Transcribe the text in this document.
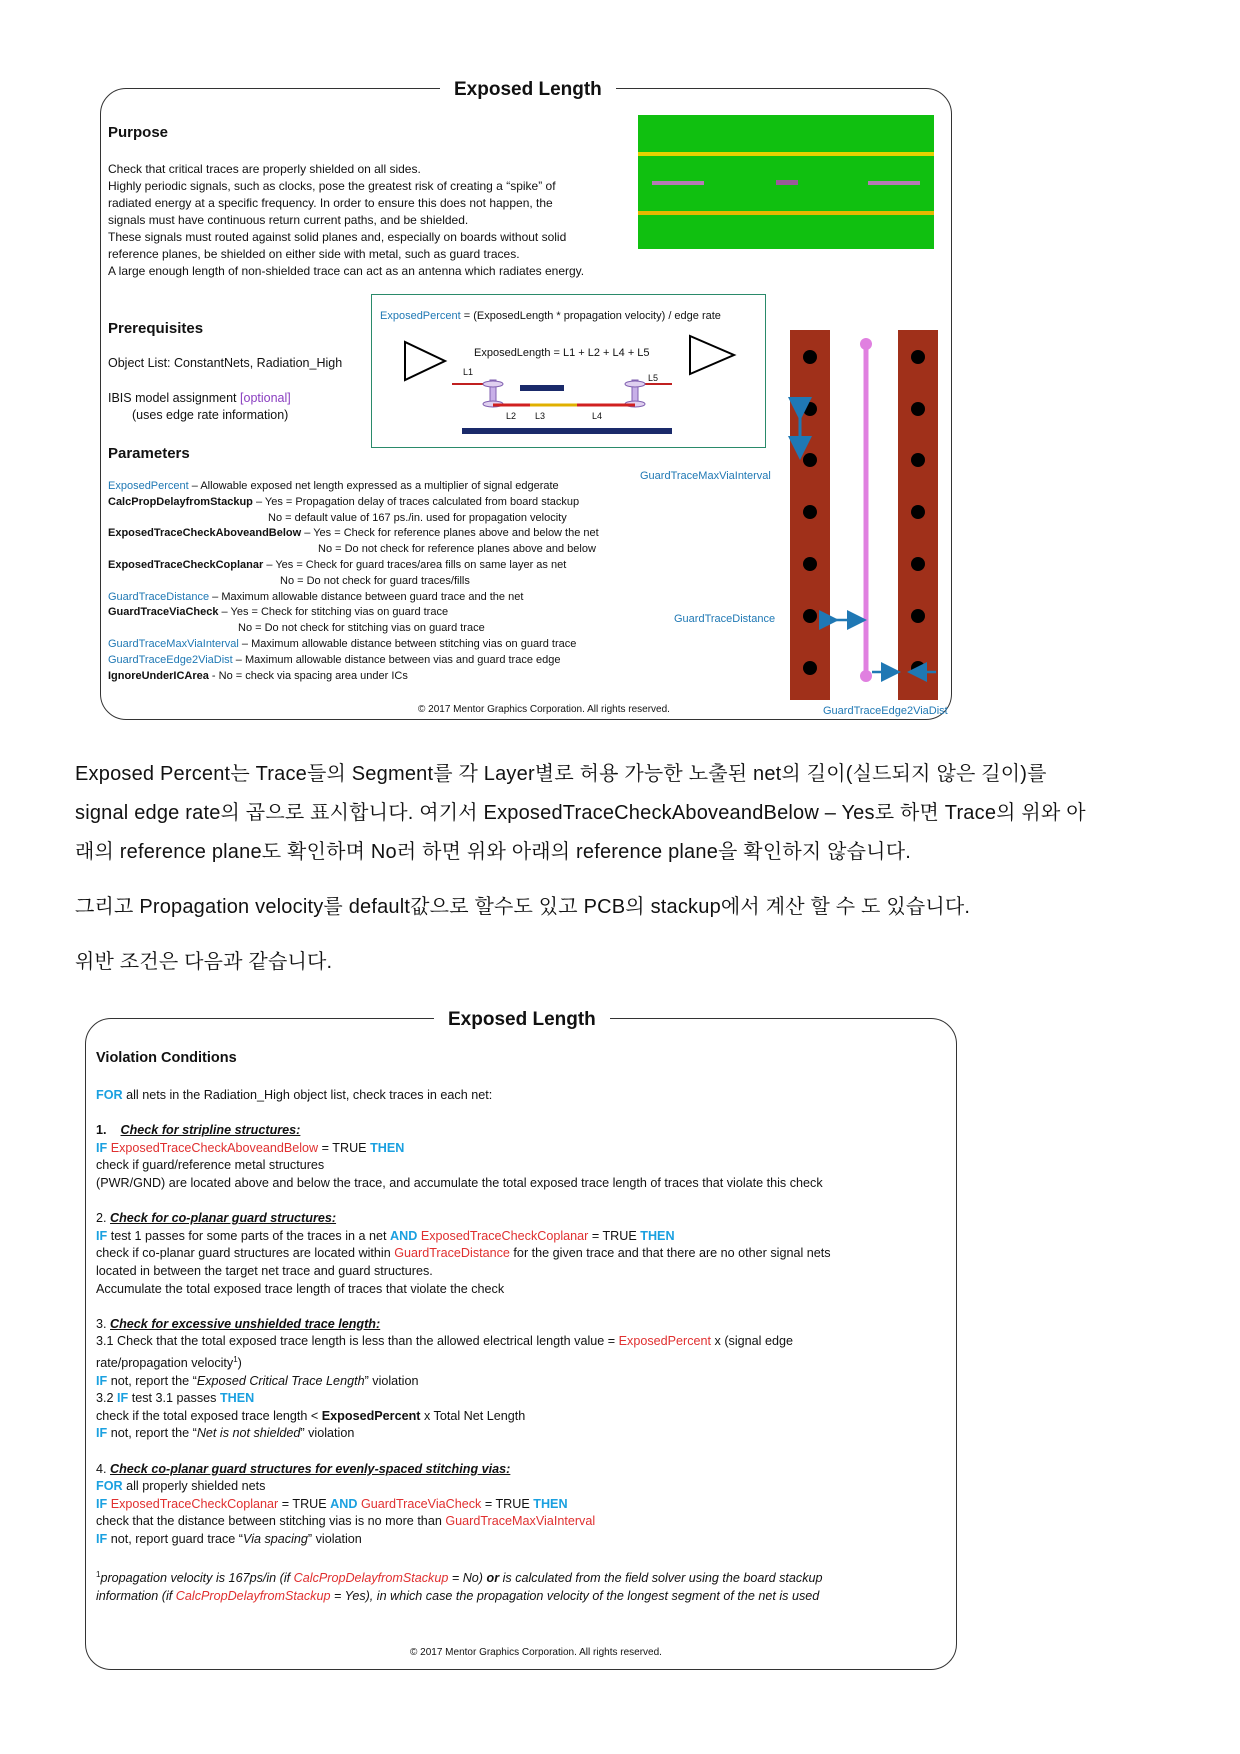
Exposed Length
Purpose
Check that critical traces are properly shielded on all sides.
Highly periodic signals, such as clocks, pose the greatest risk of creating a “spike” of
radiated energy at a specific frequency. In order to ensure this does not happen, the
signals must have continuous return current paths, and be shielded.
These signals must routed against solid planes and, especially on boards without solid
reference planes, be shielded on either side with metal, such as guard traces.
A large enough length of non-shielded trace can act as an antenna which radiates energy.
Prerequisites
Object List: ConstantNets, Radiation_High
IBIS model assignment [optional]
(uses edge rate information)
ExposedPercent = (ExposedLength * propagation velocity) / edge rate
ExposedLength = L1 + L2 + L4 + L5
L1
L5
L2 L3	L4
Parameters
ExposedPercent – Allowable exposed net length expressed as a multiplier of signal edgerate
CalcPropDelayfromStackup – Yes = Propagation delay of traces calculated from board stackup
No = default value of 167 ps./in. used for propagation velocity
ExposedTraceCheckAboveandBelow – Yes = Check for reference planes above and below the net
No = Do not check for reference planes above and below
ExposedTraceCheckCoplanar – Yes = Check for guard traces/area fills on same layer as net
No = Do not check for guard traces/fills
GuardTraceDistance – Maximum allowable distance between guard trace and the net
GuardTraceViaCheck – Yes = Check for stitching vias on guard trace
No = Do not check for stitching vias on guard trace
GuardTraceMaxViaInterval – Maximum allowable distance between stitching vias on guard trace
GuardTraceEdge2ViaDist – Maximum allowable distance between vias and guard trace edge
IgnoreUnderICArea - No = check via spacing area under ICs
GuardTraceMaxViaInterval
GuardTraceDistance
GuardTraceEdge2ViaDist
© 2017 Mentor Graphics Corporation. All rights reserved.
Exposed Percent는 Trace들의 Segment를 각 Layer별로 허용 가능한 노출된 net의 길이(실드되지 않은 길이)를
signal edge rate의 곱으로 표시합니다. 여기서 ExposedTraceCheckAboveandBelow – Yes로 하면 Trace의 위와 아
래의 reference plane도 확인하며 No러 하면 위와 아래의 reference plane을 확인하지 않습니다.
그리고 Propagation velocity를 default값으로 할수도 있고 PCB의 stackup에서 계산 할 수 도 있습니다.
위반 조건은 다음과 같습니다.
Exposed Length
Violation Conditions
FOR all nets in the Radiation_High object list, check traces in each net:
1. Check for stripline structures:
IF ExposedTraceCheckAboveandBelow = TRUE THEN
check if guard/reference metal structures
(PWR/GND) are located above and below the trace, and accumulate the total exposed trace length of traces that violate this check
2. Check for co-planar guard structures:
IF test 1 passes for some parts of the traces in a net AND ExposedTraceCheckCoplanar = TRUE THEN
check if co-planar guard structures are located within GuardTraceDistance for the given trace and that there are no other signal nets
located in between the target net trace and guard structures.
Accumulate the total exposed trace length of traces that violate the check
3. Check for excessive unshielded trace length:
3.1 Check that the total exposed trace length is less than the allowed electrical length value = ExposedPercent x (signal edge
rate/propagation velocity$^1$)
IF not, report the “Exposed Critical Trace Length” violation
3.2 IF test 3.1 passes THEN
check if the total exposed trace length < ExposedPercent x Total Net Length
IF not, report the “Net is not shielded” violation
4. Check co-planar guard structures for evenly-spaced stitching vias:
FOR all properly shielded nets
IF ExposedTraceCheckCoplanar = TRUE AND GuardTraceViaCheck = TRUE THEN
check that the distance between stitching vias is no more than GuardTraceMaxViaInterval
IF not, report guard trace “Via spacing” violation
$^1$propagation velocity is 167ps/in (if CalcPropDelayfromStackup = No) or is calculated from the field solver using the board stackup
information (if CalcPropDelayfromStackup = Yes), in which case the propagation velocity of the longest segment of the net is used
© 2017 Mentor Graphics Corporation. All rights reserved.
